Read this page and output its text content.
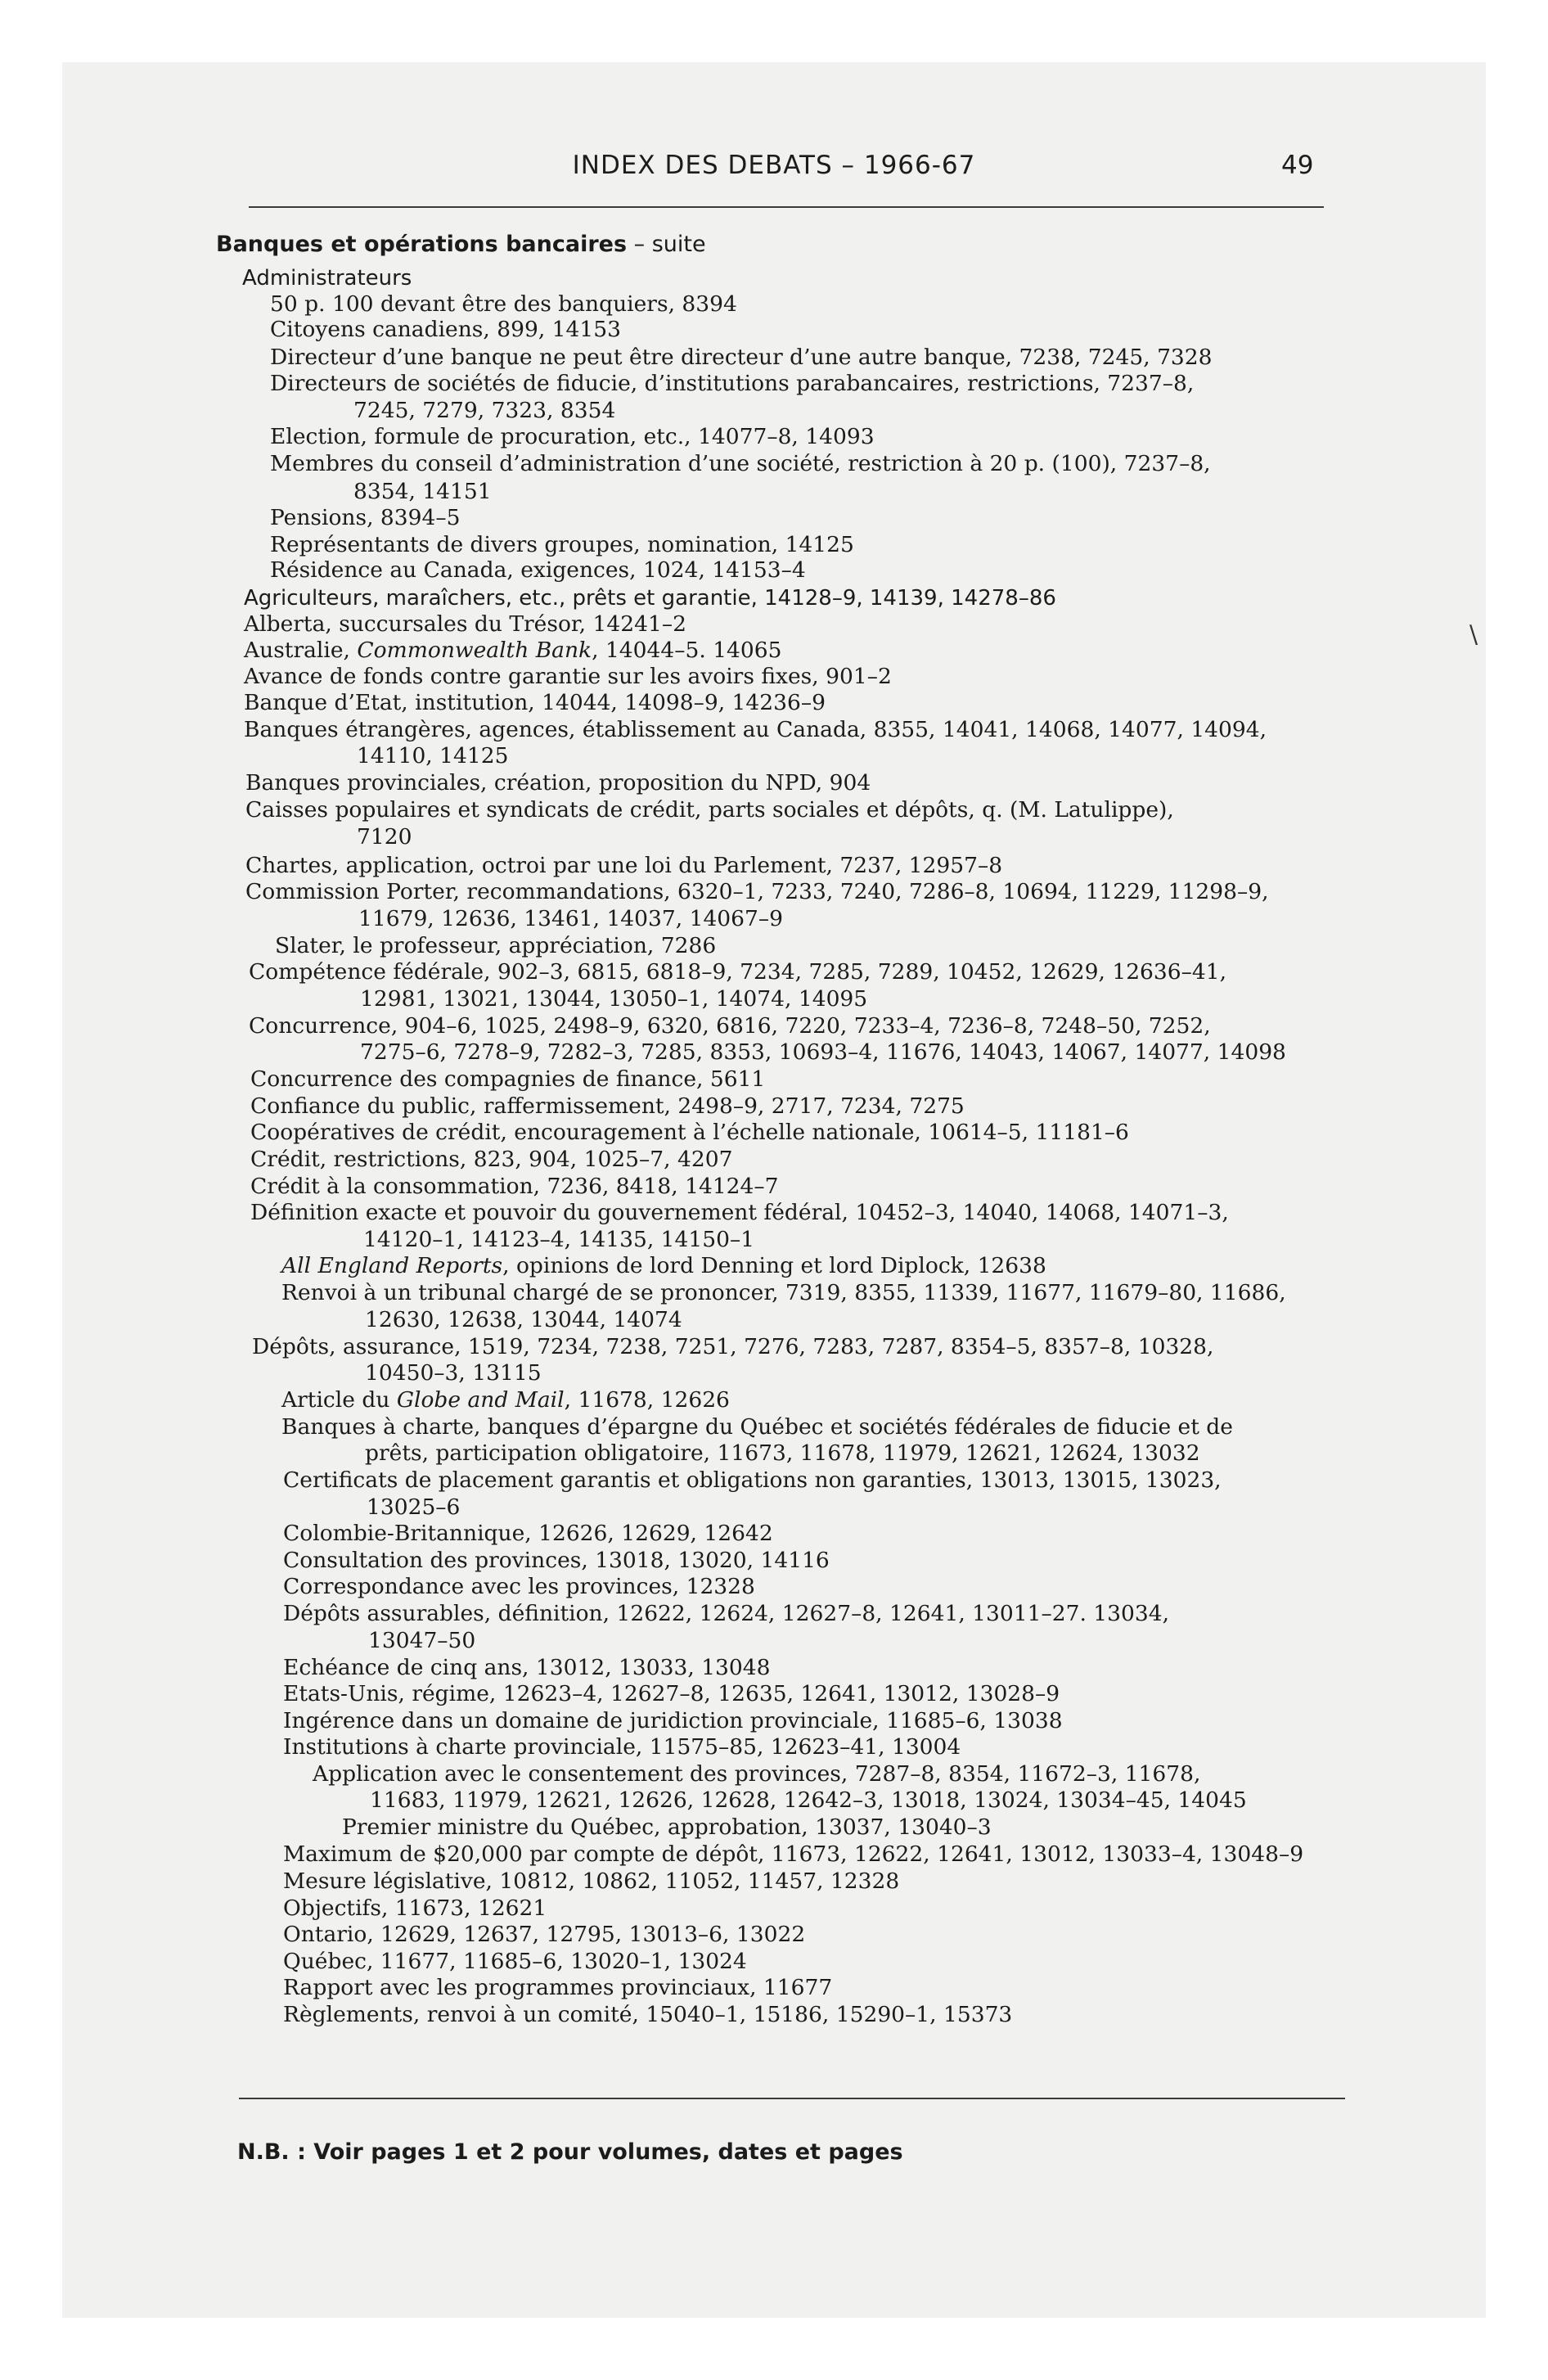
INDEX DES DEBATS – 1966-67	49
Banques et opérations bancaires – suite
Administrateurs
50 p. 100 devant être des banquiers, 8394
Citoyens canadiens, 899, 14153
Directeur d’une banque ne peut être directeur d’une autre banque, 7238, 7245, 7328
Directeurs de sociétés de fiducie, d’institutions parabancaires, restrictions, 7237–8,
7245, 7279, 7323, 8354
Election, formule de procuration, etc., 14077–8, 14093
Membres du conseil d’administration d’une société, restriction à 20 p. (100), 7237–8,
8354, 14151
Pensions, 8394–5
Représentants de divers groupes, nomination, 14125
Résidence au Canada, exigences, 1024, 14153–4
Agriculteurs, maraîchers, etc., prêts et garantie, 14128–9, 14139, 14278–86
Alberta, succursales du Trésor, 14241–2
Australie, Commonwealth Bank, 14044–5. 14065
Avance de fonds contre garantie sur les avoirs fixes, 901–2
Banque d’Etat, institution, 14044, 14098–9, 14236–9
Banques étrangères, agences, établissement au Canada, 8355, 14041, 14068, 14077, 14094,
14110, 14125
Banques provinciales, création, proposition du NPD, 904
Caisses populaires et syndicats de crédit, parts sociales et dépôts, q. (M. Latulippe),
7120
Chartes, application, octroi par une loi du Parlement, 7237, 12957–8
Commission Porter, recommandations, 6320–1, 7233, 7240, 7286–8, 10694, 11229, 11298–9,
11679, 12636, 13461, 14037, 14067–9
Slater, le professeur, appréciation, 7286
Compétence fédérale, 902–3, 6815, 6818–9, 7234, 7285, 7289, 10452, 12629, 12636–41,
12981, 13021, 13044, 13050–1, 14074, 14095
Concurrence, 904–6, 1025, 2498–9, 6320, 6816, 7220, 7233–4, 7236–8, 7248–50, 7252,
7275–6, 7278–9, 7282–3, 7285, 8353, 10693–4, 11676, 14043, 14067, 14077, 14098
Concurrence des compagnies de finance, 5611
Confiance du public, raffermissement, 2498–9, 2717, 7234, 7275
Coopératives de crédit, encouragement à l’échelle nationale, 10614–5, 11181–6
Crédit, restrictions, 823, 904, 1025–7, 4207
Crédit à la consommation, 7236, 8418, 14124–7
Définition exacte et pouvoir du gouvernement fédéral, 10452–3, 14040, 14068, 14071–3,
14120–1, 14123–4, 14135, 14150–1
All England Reports, opinions de lord Denning et lord Diplock, 12638
Renvoi à un tribunal chargé de se prononcer, 7319, 8355, 11339, 11677, 11679–80, 11686,
12630, 12638, 13044, 14074
Dépôts, assurance, 1519, 7234, 7238, 7251, 7276, 7283, 7287, 8354–5, 8357–8, 10328,
10450–3, 13115
Article du Globe and Mail, 11678, 12626
Banques à charte, banques d’épargne du Québec et sociétés fédérales de fiducie et de
prêts, participation obligatoire, 11673, 11678, 11979, 12621, 12624, 13032
Certificats de placement garantis et obligations non garanties, 13013, 13015, 13023,
13025–6
Colombie-Britannique, 12626, 12629, 12642
Consultation des provinces, 13018, 13020, 14116
Correspondance avec les provinces, 12328
Dépôts assurables, définition, 12622, 12624, 12627–8, 12641, 13011–27. 13034,
13047–50
Echéance de cinq ans, 13012, 13033, 13048
Etats-Unis, régime, 12623–4, 12627–8, 12635, 12641, 13012, 13028–9
Ingérence dans un domaine de juridiction provinciale, 11685–6, 13038
Institutions à charte provinciale, 11575–85, 12623–41, 13004
Application avec le consentement des provinces, 7287–8, 8354, 11672–3, 11678,
11683, 11979, 12621, 12626, 12628, 12642–3, 13018, 13024, 13034–45, 14045
Premier ministre du Québec, approbation, 13037, 13040–3
Maximum de $20,000 par compte de dépôt, 11673, 12622, 12641, 13012, 13033–4, 13048–9
Mesure législative, 10812, 10862, 11052, 11457, 12328
Objectifs, 11673, 12621
Ontario, 12629, 12637, 12795, 13013–6, 13022
Québec, 11677, 11685–6, 13020–1, 13024
Rapport avec les programmes provinciaux, 11677
Règlements, renvoi à un comité, 15040–1, 15186, 15290–1, 15373
\
N.B. : Voir pages 1 et 2 pour volumes, dates et pages
